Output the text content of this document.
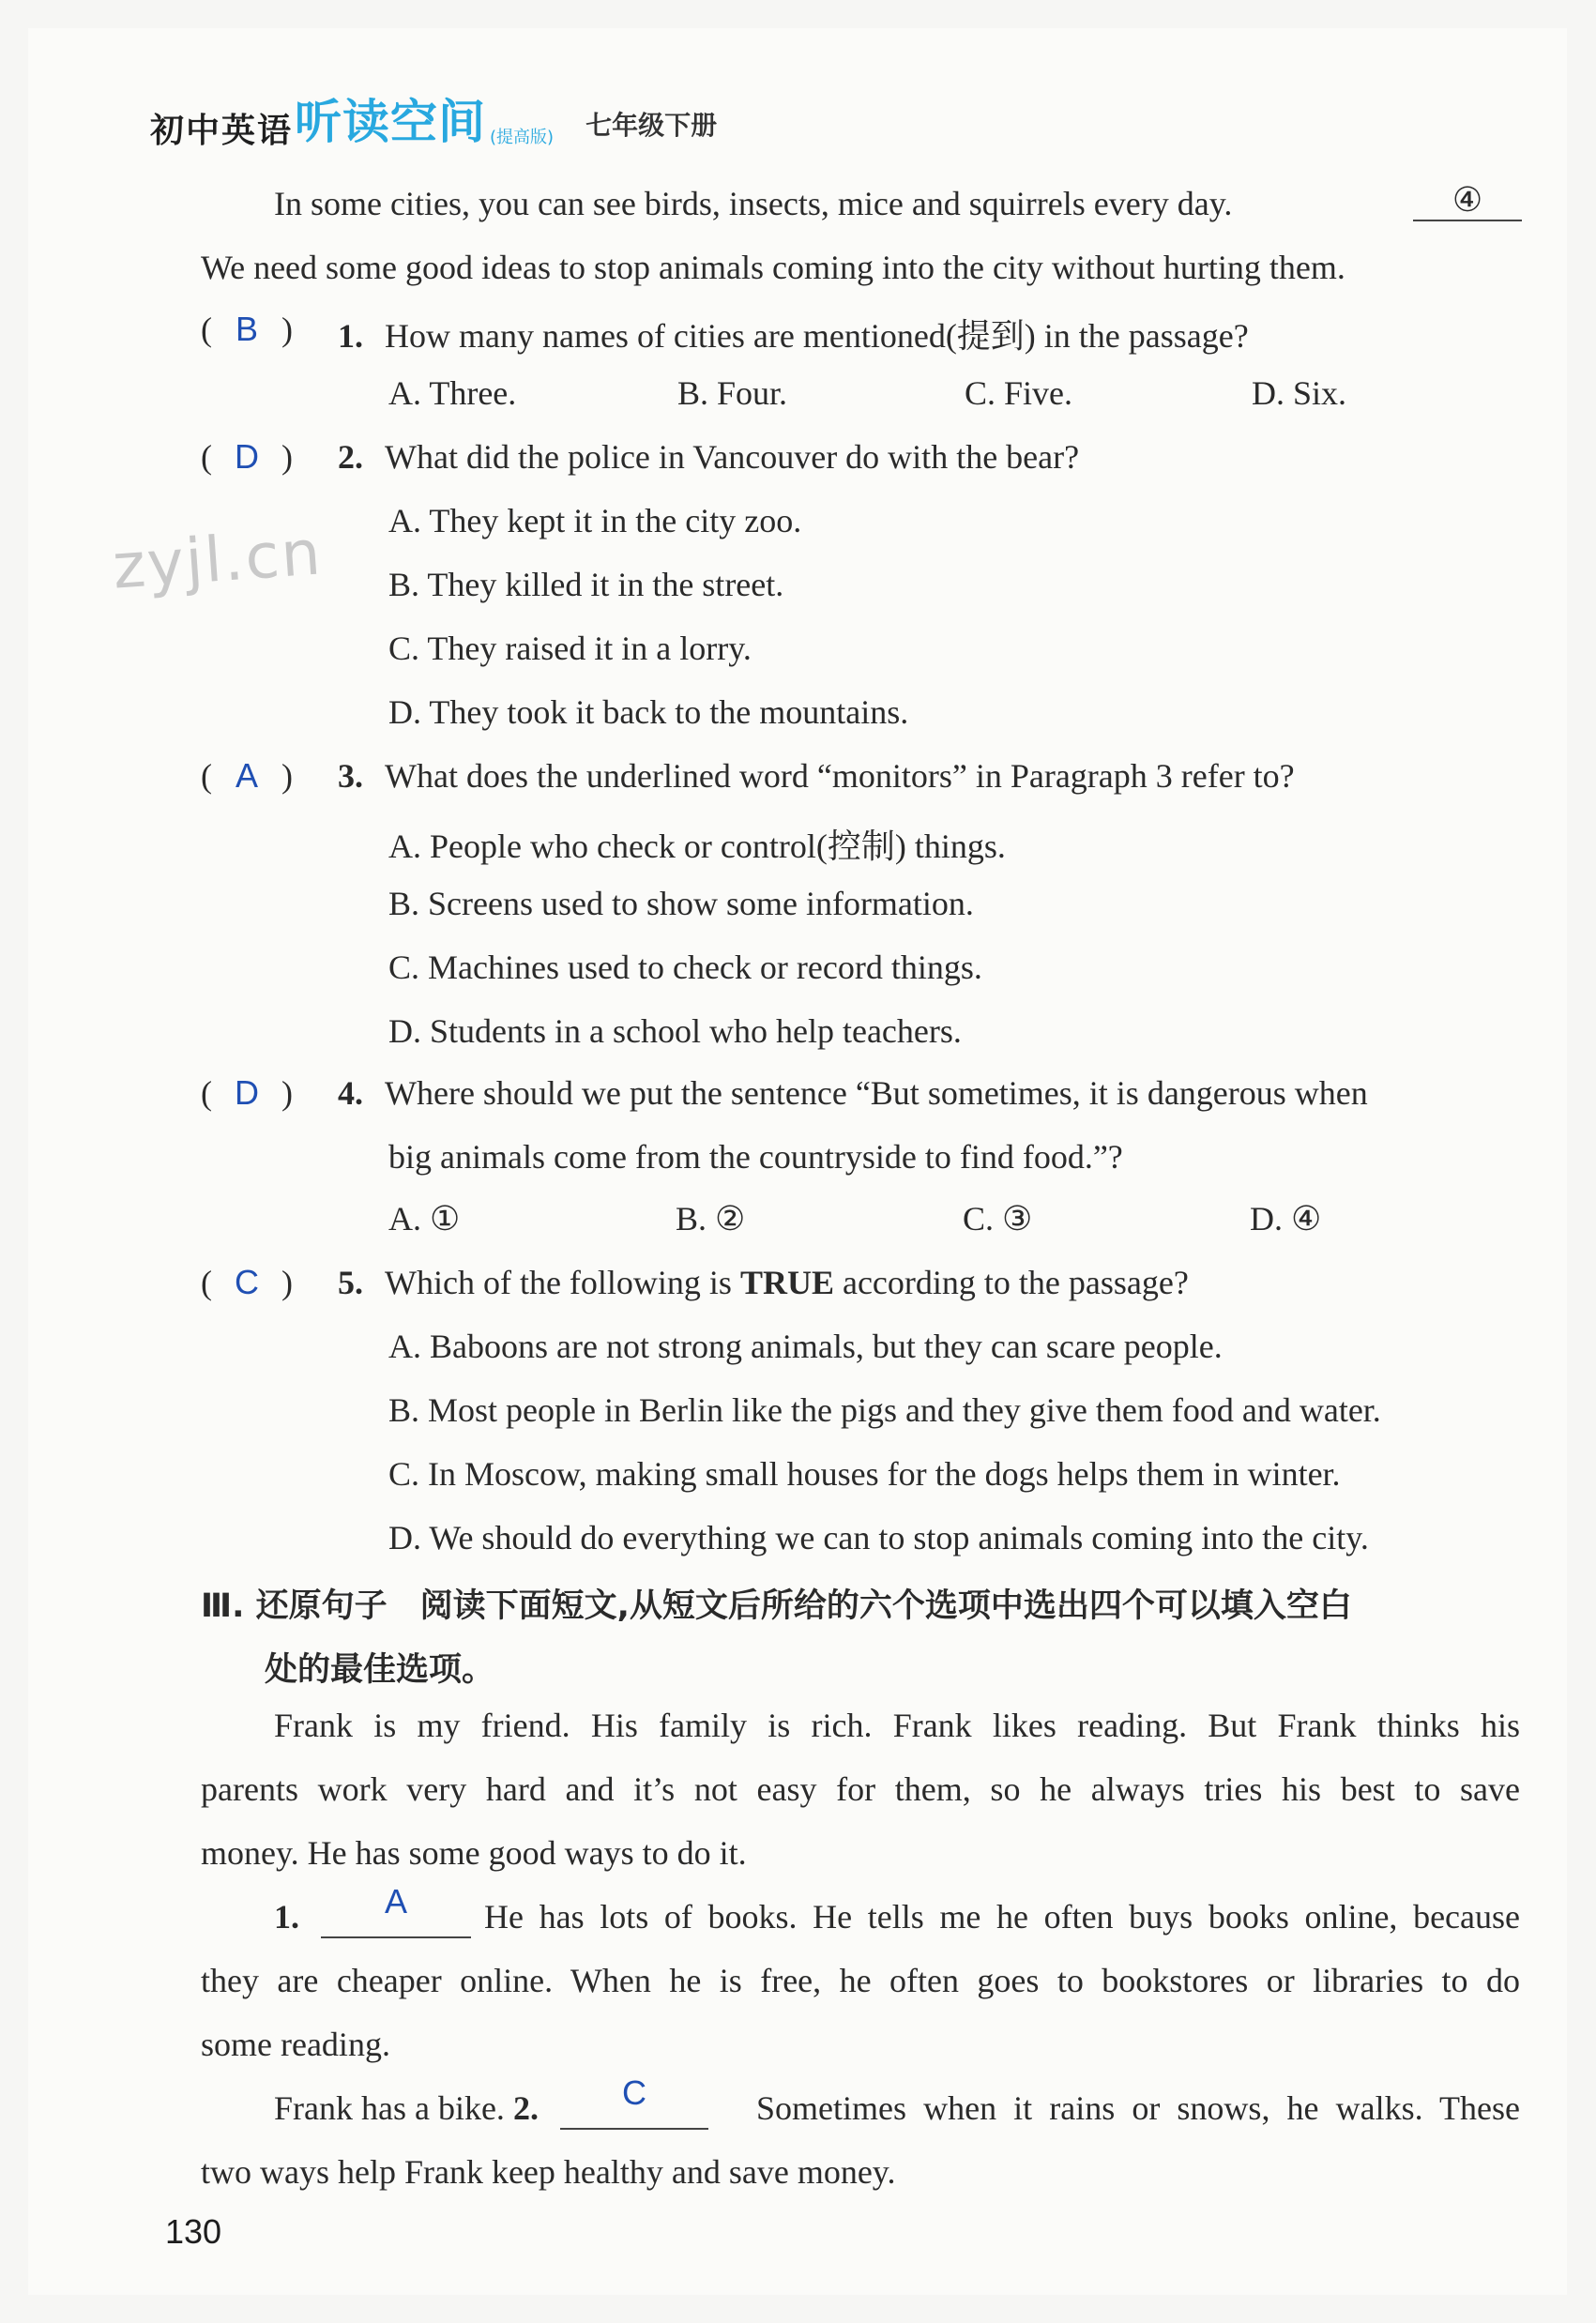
初中英语 听读空间 (提高版) 七年级下册
zyjl.cn
In some cities, you can see birds, insects, mice and squirrels every day.	④
We need some good ideas to stop animals coming into the city without hurting them.
( B ) 1. How many names of cities are mentioned(提到) in the passage?
A. Three.	B. Four.	C. Five.	D. Six.
( D ) 2. What did the police in Vancouver do with the bear?
A. They kept it in the city zoo.
B. They killed it in the street.
C. They raised it in a lorry.
D. They took it back to the mountains.
( A ) 3. What does the underlined word “monitors” in Paragraph 3 refer to?
A. People who check or control(控制) things.
B. Screens used to show some information.
C. Machines used to check or record things.
D. Students in a school who help teachers.
( D ) 4. Where should we put the sentence “But sometimes, it is dangerous when
big animals come from the countryside to find food.”?
A. ①	B. ②	C. ③	D. ④
( C ) 5. Which of the following is TRUE according to the passage?
A. Baboons are not strong animals, but they can scare people.
B. Most people in Berlin like the pigs and they give them food and water.
C. In Moscow, making small houses for the dogs helps them in winter.
D. We should do everything we can to stop animals coming into the city.
Ⅲ. 还原句子　阅读下面短文,从短文后所给的六个选项中选出四个可以填入空白
处的最佳选项。
Frank is my friend. His family is rich. Frank likes reading. But Frank thinks his
parents work very hard and it’s not easy for them, so he always tries his best to save
money. He has some good ways to do it.
1.	A
	He has lots of books. He tells me he often buys books online, because
they are cheaper online. When he is free, he often goes to bookstores or libraries to do
some reading.
Frank has a bike. 2.	C
	Sometimes when it rains or snows, he walks. These
two ways help Frank keep healthy and save money.
130
